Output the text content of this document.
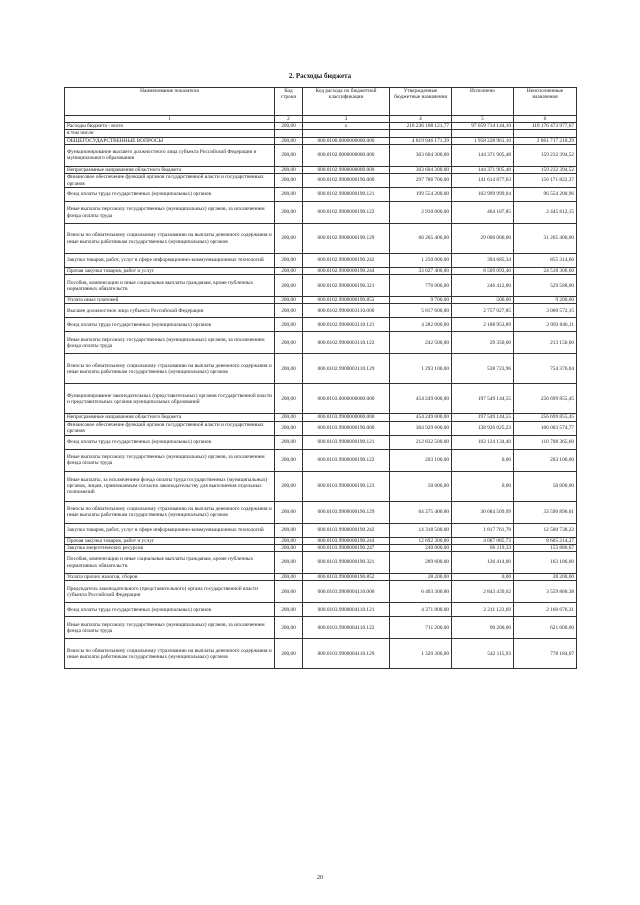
2. Расходы бюджета
Наименование показателя	Код строки	Код расхода по бюджетной классификации	Утвержденные бюджетные назначения	Исполнено	Неисполненные назначения
1	2	3	4	5	6
Расходы бюджета - всего	200,00	x	216 236 188 121,77	97 059 714 144,10	119 176 473 977,67
в том числе:					
ОБЩЕГОСУДАРСТВЕННЫЕ ВОПРОСЫ	200,00	000.0100.0000000000.000	4 819 946 171,39	1 958 228 961,10	2 861 717 210,29
Функционирование высшего должностного лица субъекта Российской Федерации и муниципального образования	200,00	000.0102.0000000000.000	303 604 300,00	144 371 905,48	159 232 394,52
Непрограммные направления областного бюджета	200,00	000.0102.9900000000.000	303 604 300,00	144 371 905,48	159 232 394,52
Финансовое обеспечение функций органов государственной власти и государственных органов	200,00	000.0102.9900000190.000	297 786 700,00	141 614 877,63	156 171 822,37
Фонд оплаты труда государственных (муниципальных) органов	200,00	000.0102.9900000190.121	199 554 200,00	102 999 999,04	96 554 200,96
Иные выплаты персоналу государственных (муниципальных) органов, за исключением фонда оплаты труда	200,00	000.0102.9900000190.122	2 910 000,00	464 187,85	2 445 812,15
Взносы по обязательному социальному страхованию на выплаты денежного содержания и иные выплаты работникам государственных (муниципальных) органов	200,00	000.0102.9900000190.129	60 265 400,00	29 000 000,00	31 265 400,00
Закупка товаров, работ, услуг в сфере информационно-коммуникационных технологий	200,00	000.0102.9900000190.242	1 250 000,00	394 685,34	855 314,66
Прочая закупка товаров, работ и услуг	200,00	000.0102.9900000190.244	33 027 400,00	8 509 093,40	24 518 306,60
Пособия, компенсации и иные социальные выплаты гражданам, кроме публичных нормативных обязательств	200,00	000.0102.9900000190.321	776 000,00	246 412,00	529 588,00
Уплата иных платежей	200,00	000.0102.9900000190.853	9 700,00	500,00	9 200,00
Высшее должностное лицо субъекта Российской Федерации	200,00	000.0102.9900003110.000	5 817 600,00	2 757 027,85	3 060 572,15
Фонд оплаты труда государственных (муниципальных) органов	200,00	000.0102.9900003110.121	4 282 000,00	2 188 953,89	2 093 046,11
Иные выплаты персоналу государственных (муниципальных) органов, за исключением фонда оплаты труда	200,00	000.0102.9900003110.122	242 500,00	29 350,00	213 150,00
Взносы по обязательному социальному страхованию на выплаты денежного содержания и иные выплаты работникам государственных (муниципальных) органов	200,00	000.0102.9900003110.129	1 293 100,00	538 723,96	754 376,04
Функционирование законодательных (представительных) органов государственной власти и представительных органов муниципальных образований	200,00	000.0103.0000000000.000	454 249 000,00	197 549 144,55	256 699 855,45
Непрограммные направления областного бюджета	200,00	000.0103.9900000000.000	454 249 000,00	197 549 144,55	256 699 855,45
Финансовое обеспечение функций органов государственной власти и государственных органов	200,00	000.0103.9900000190.000	304 929 600,00	138 926 025,23	166 003 574,77
Фонд оплаты труда государственных (муниципальных) органов	200,00	000.0103.9900000190.121	212 832 500,00	102 124 134,40	110 708 365,60
Иные выплаты персоналу государственных (муниципальных) органов, за исключением фонда оплаты труда	200,00	000.0103.9900000190.122	203 100,00	0,00	203 100,00
Иные выплаты, за исключением фонда оплаты труда государственных (муниципальных) органов, лицам, привлекаемым согласно законодательству для выполнения отдельных полномочий	200,00	000.0103.9900000190.123	50 000,00	0,00	50 000,00
Взносы по обязательному социальному страхованию на выплаты денежного содержания и иные выплаты работникам государственных (муниципальных) органов	200,00	000.0103.9900000190.129	64 275 400,00	30 684 509,99	33 590 890,01
Закупка товаров, работ, услуг в сфере информационно-коммуникационных технологий	200,00	000.0103.9900000190.242	14 318 500,00	1 817 761,78	12 500 738,22
Прочая закупка товаров, работ и услуг	200,00	000.0103.9900000190.244	12 692 300,00	4 087 085,73	8 605 214,27
Закупка энергетических ресурсов	200,00	000.0103.9900000190.247	240 000,00	86 119,33	153 880,67
Пособия, компенсации и иные социальные выплаты гражданам, кроме публичных нормативных обязательств	200,00	000.0103.9900000190.321	289 600,00	126 414,00	163 186,00
Уплата прочих налогов, сборов	200,00	000.0103.9900000190.852	28 200,00	0,00	28 200,00
Председатель законодательного (представительного) органа государственной власти субъекта Российской Федерации	200,00	000.0103.9900004110.000	6 403 300,00	2 843 439,62	3 559 860,38
Фонд оплаты труда государственных (муниципальных) органов	200,00	000.0103.9900004110.121	4 371 800,00	2 211 123,69	2 160 676,31
Иные выплаты персоналу государственных (муниципальных) органов, за исключением фонда оплаты труда	200,00	000.0103.9900004110.122	711 200,00	90 200,00	621 000,00
Взносы по обязательному социальному страхованию на выплаты денежного содержания и иные выплаты работникам государственных (муниципальных) органов	200,00	000.0103.9900004110.129	1 320 300,00	542 115,93	778 184,07
20
